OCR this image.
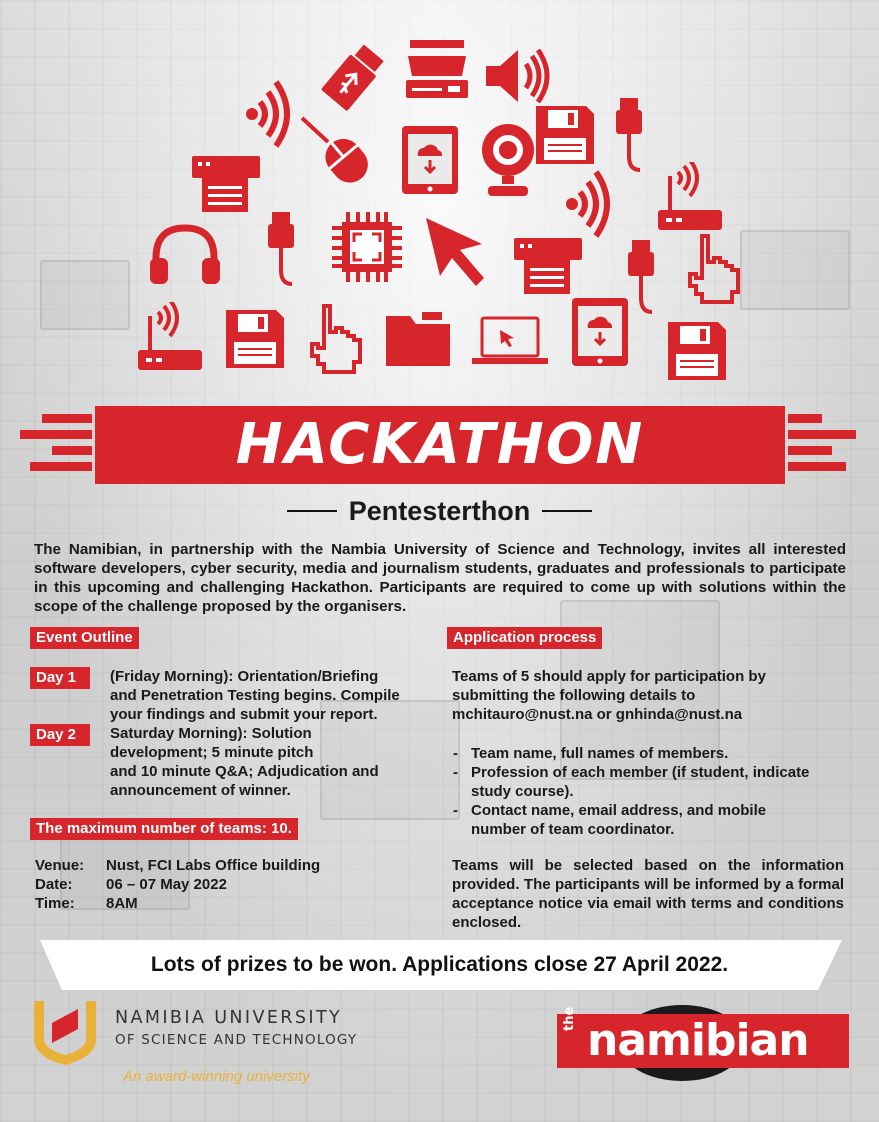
HACKATHON
Pentesterthon
The Namibian, in partnership with the Nambia University of Science and Technology, invites all interested software developers, cyber security, media and journalism students, graduates and professionals to participate in this upcoming and challenging Hackathon. Participants are required to come up with solutions within the scope of the challenge proposed by the organisers.
Event Outline
Day 1	(Friday Morning): Orientation/Briefing
and Penetration Testing begins. Compile
your findings and submit your report.
Day 2	Saturday Morning): Solution
development; 5 minute pitch
and 10 minute Q&A; Adjudication and
announcement of winner.
The maximum number of teams: 10.
Venue:	Nust, FCI Labs Office building
Date:	06 – 07 May 2022
Time:	8AM
Application process
Teams of 5 should apply for participation by
submitting the following details to
mchitauro@nust.na or gnhinda@nust.na
- Team name, full names of members.
- Profession of each member (if student, indicate
study course).
- Contact name, email address, and mobile
number of team coordinator.
Teams will be selected based on the information provided. The participants will be informed by a formal acceptance notice via email with terms and conditions enclosed.
Lots of prizes to be won. Applications close 27 April 2022.
NAMIBIA UNIVERSITY
OF SCIENCE AND TECHNOLOGY
An award-winning university
the namibian
